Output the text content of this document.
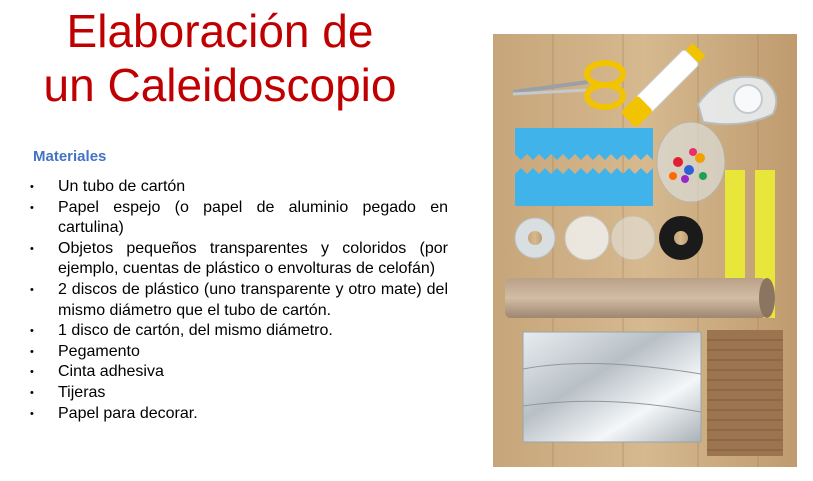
Elaboración de
un Caleidoscopio

Materiales

• Un tubo de cartón
• Papel espejo (o papel de aluminio pegado en cartulina)
• Objetos pequeños transparentes y coloridos (por ejemplo, cuentas de plástico o envolturas de celofán)
• 2 discos de plástico (uno transparente y otro mate) del mismo diámetro que el tubo de cartón.
• 1 disco de cartón, del mismo diámetro.
• Pegamento
• Cinta adhesiva
• Tijeras
• Papel para decorar.
